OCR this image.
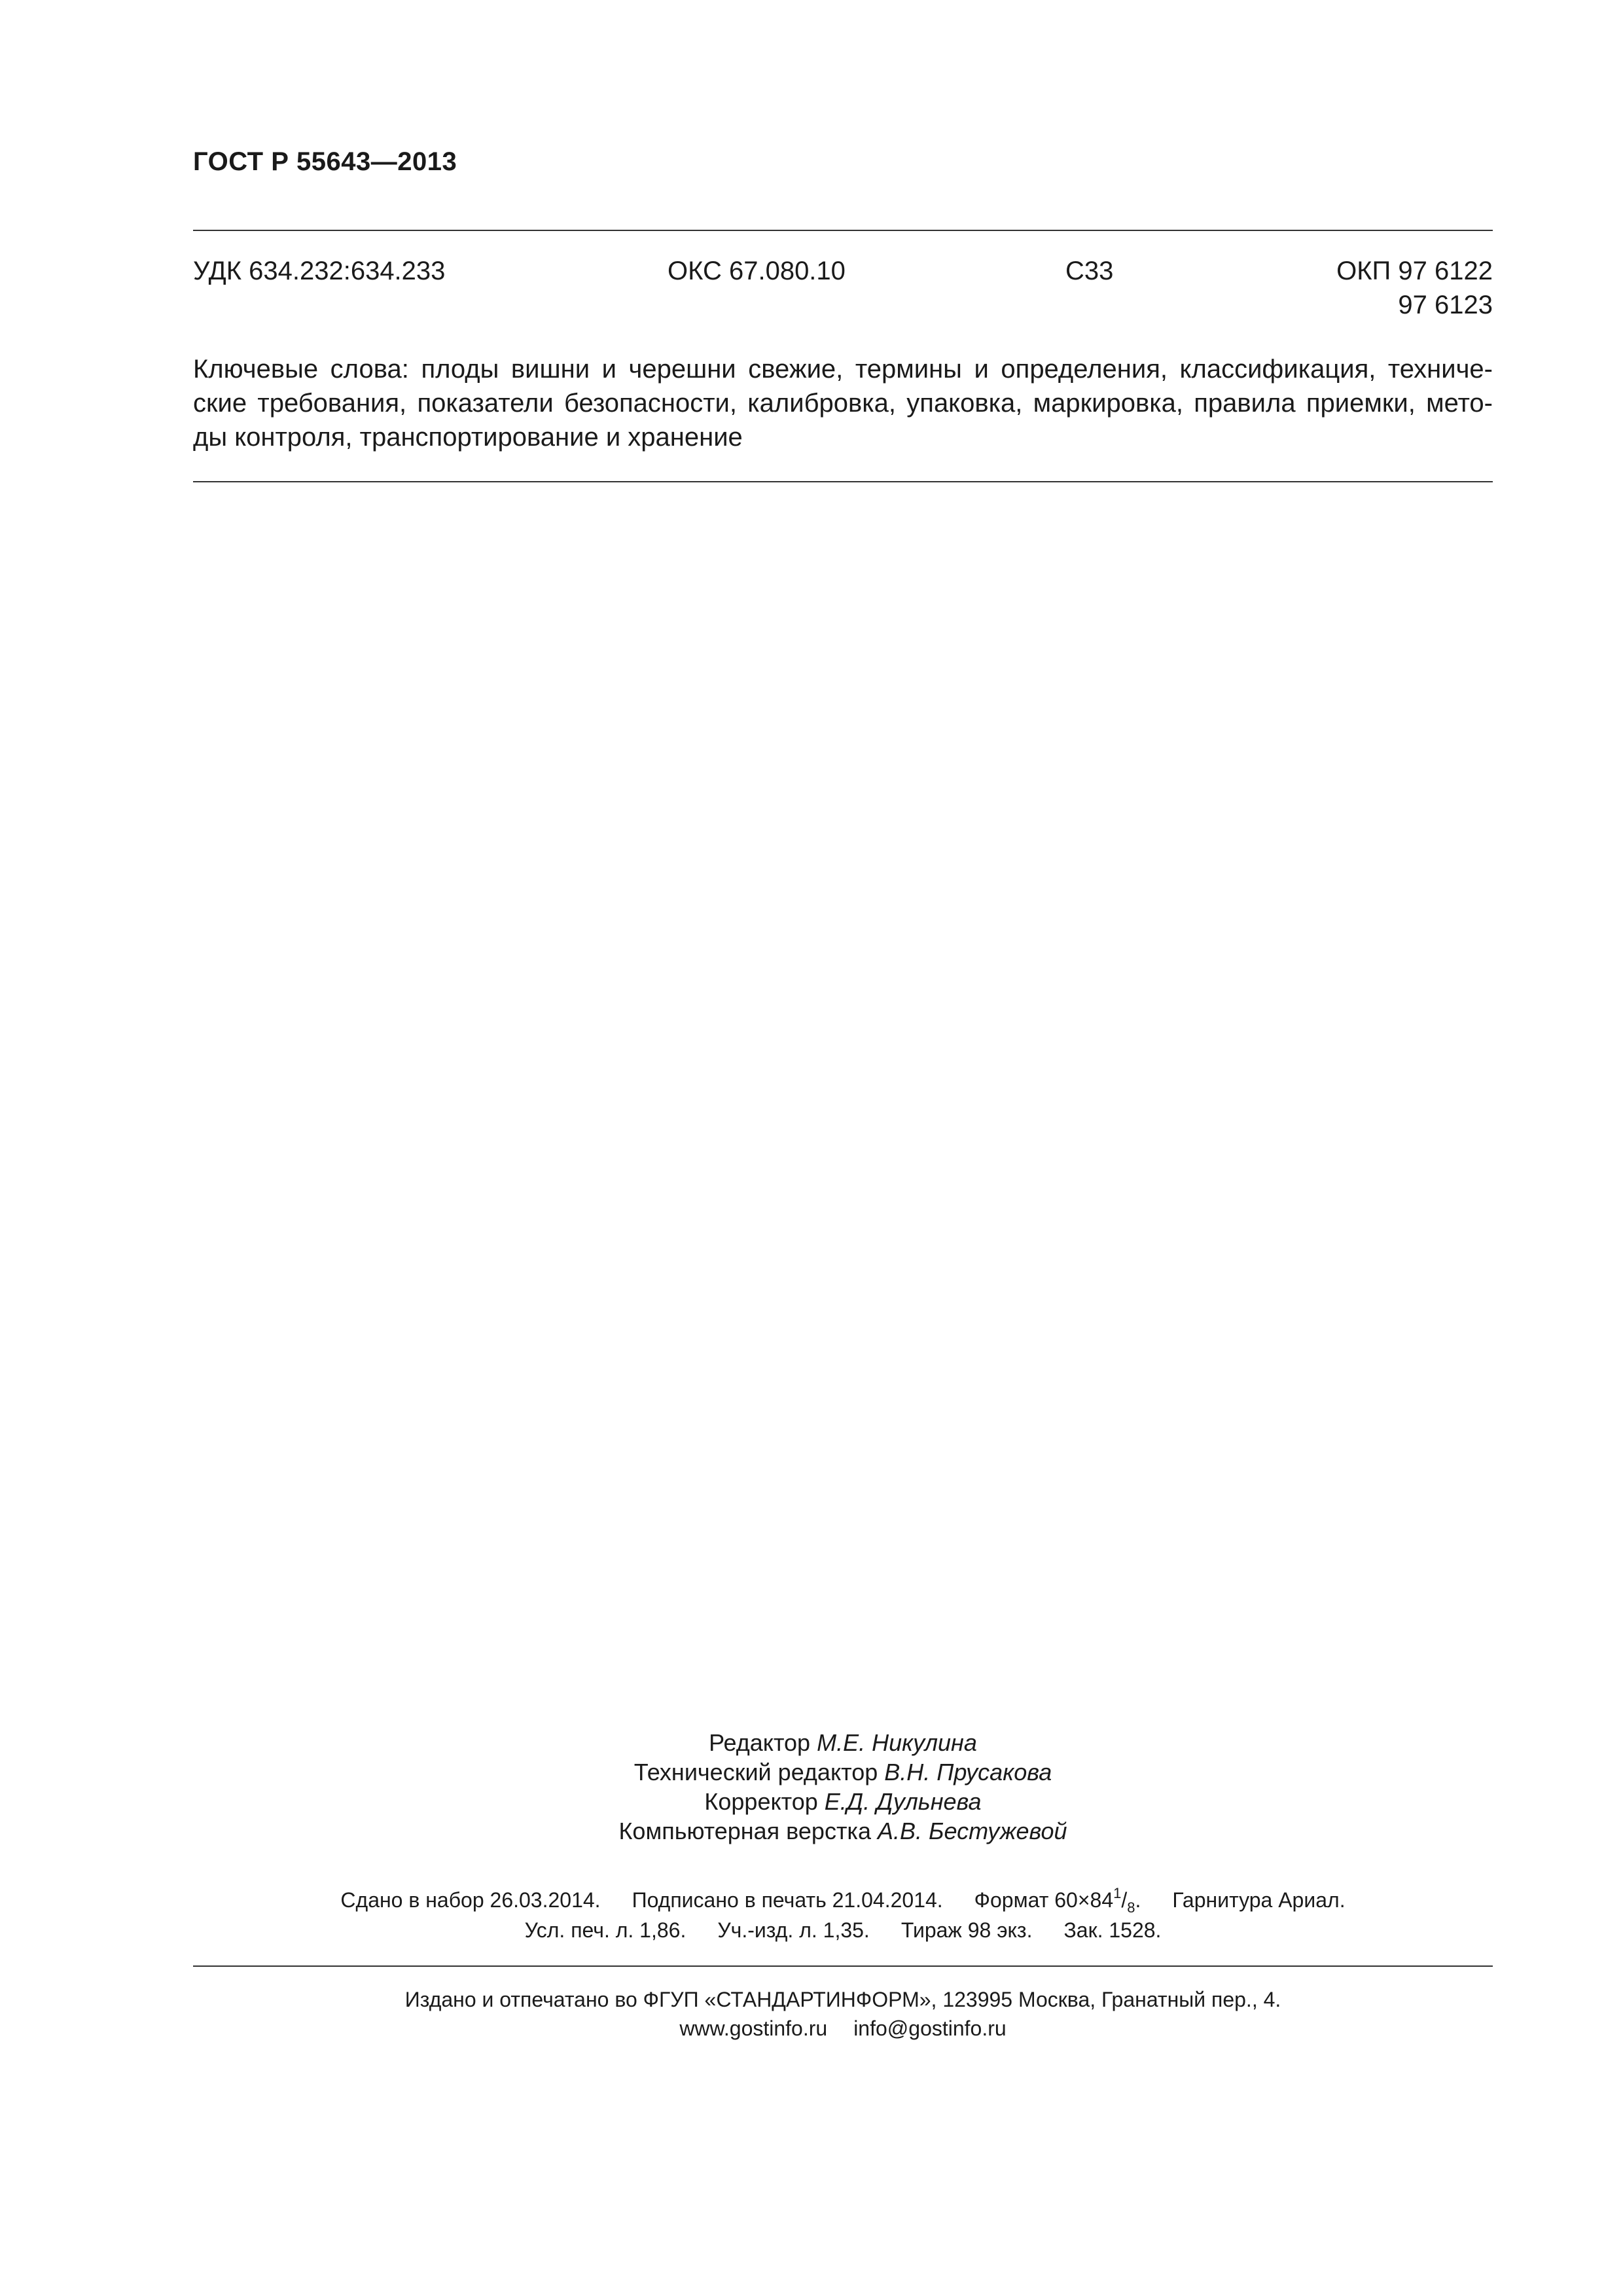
ГОСТ Р 55643—2013
УДК 634.232:634.233	ОКС 67.080.10	С33	ОКП 97 6122
97 6123
Ключевые слова: плоды вишни и черешни свежие, термины и определения, классификация, техниче-
ские требования, показатели безопасности, калибровка, упаковка, маркировка, правила приемки, мето-
ды контроля, транспортирование и хранение
Редактор М.Е. Никулина
Технический редактор В.Н. Прусакова
Корректор Е.Д. Дульнева
Компьютерная верстка А.В. Бестужевой
Сдано в набор 26.03.2014. Подписано в печать 21.04.2014. Формат $60\times 84^1/_8$. Гарнитура Ариал.
Усл. печ. л. 1,86. Уч.-изд. л. 1,35. Тираж 98 экз. Зак. 1528.
Издано и отпечатано во ФГУП «СТАНДАРТИНФОРМ», 123995 Москва, Гранатный пер., 4.
www.gostinfo.ru info@gostinfo.ru
